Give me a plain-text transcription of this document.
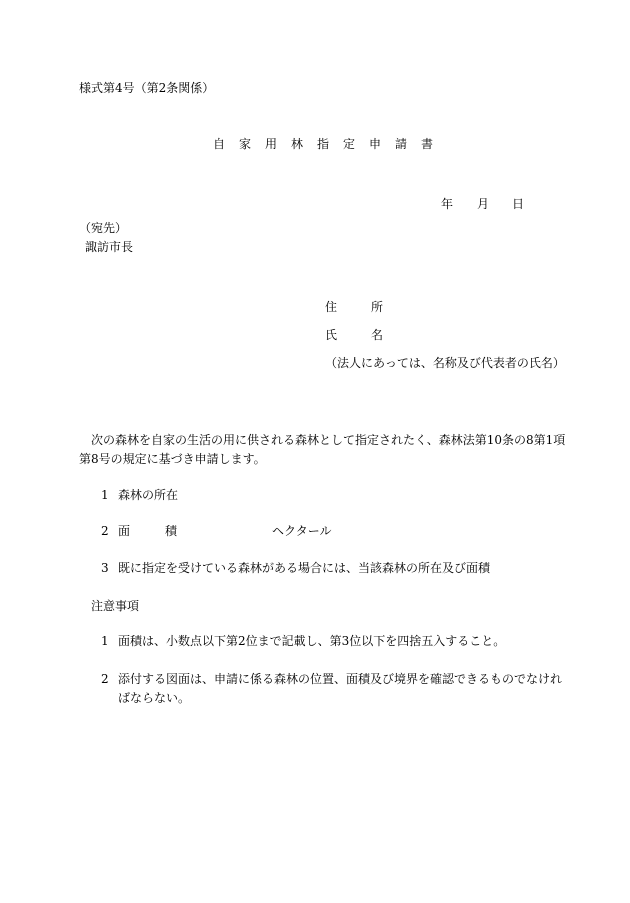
様式第4号（第2条関係）
自 家 用 林 指 定 申 請 書
年 月 日
（宛先）
諏訪市長
住	所
氏	名
（法人にあっては、名称及び代表者の氏名）
次の森林を自家の生活の用に供される森林として指定されたく、森林法第10条の8第1項
第8号の規定に基づき申請します。
1 森林の所在
2 面	積	ヘクタール
3 既に指定を受けている森林がある場合には、当該森林の所在及び面積
注意事項
1 面積は、小数点以下第2位まで記載し、第3位以下を四捨五入すること。
2 添付する図面は、申請に係る森林の位置、面積及び境界を確認できるものでなけれ
ばならない。
